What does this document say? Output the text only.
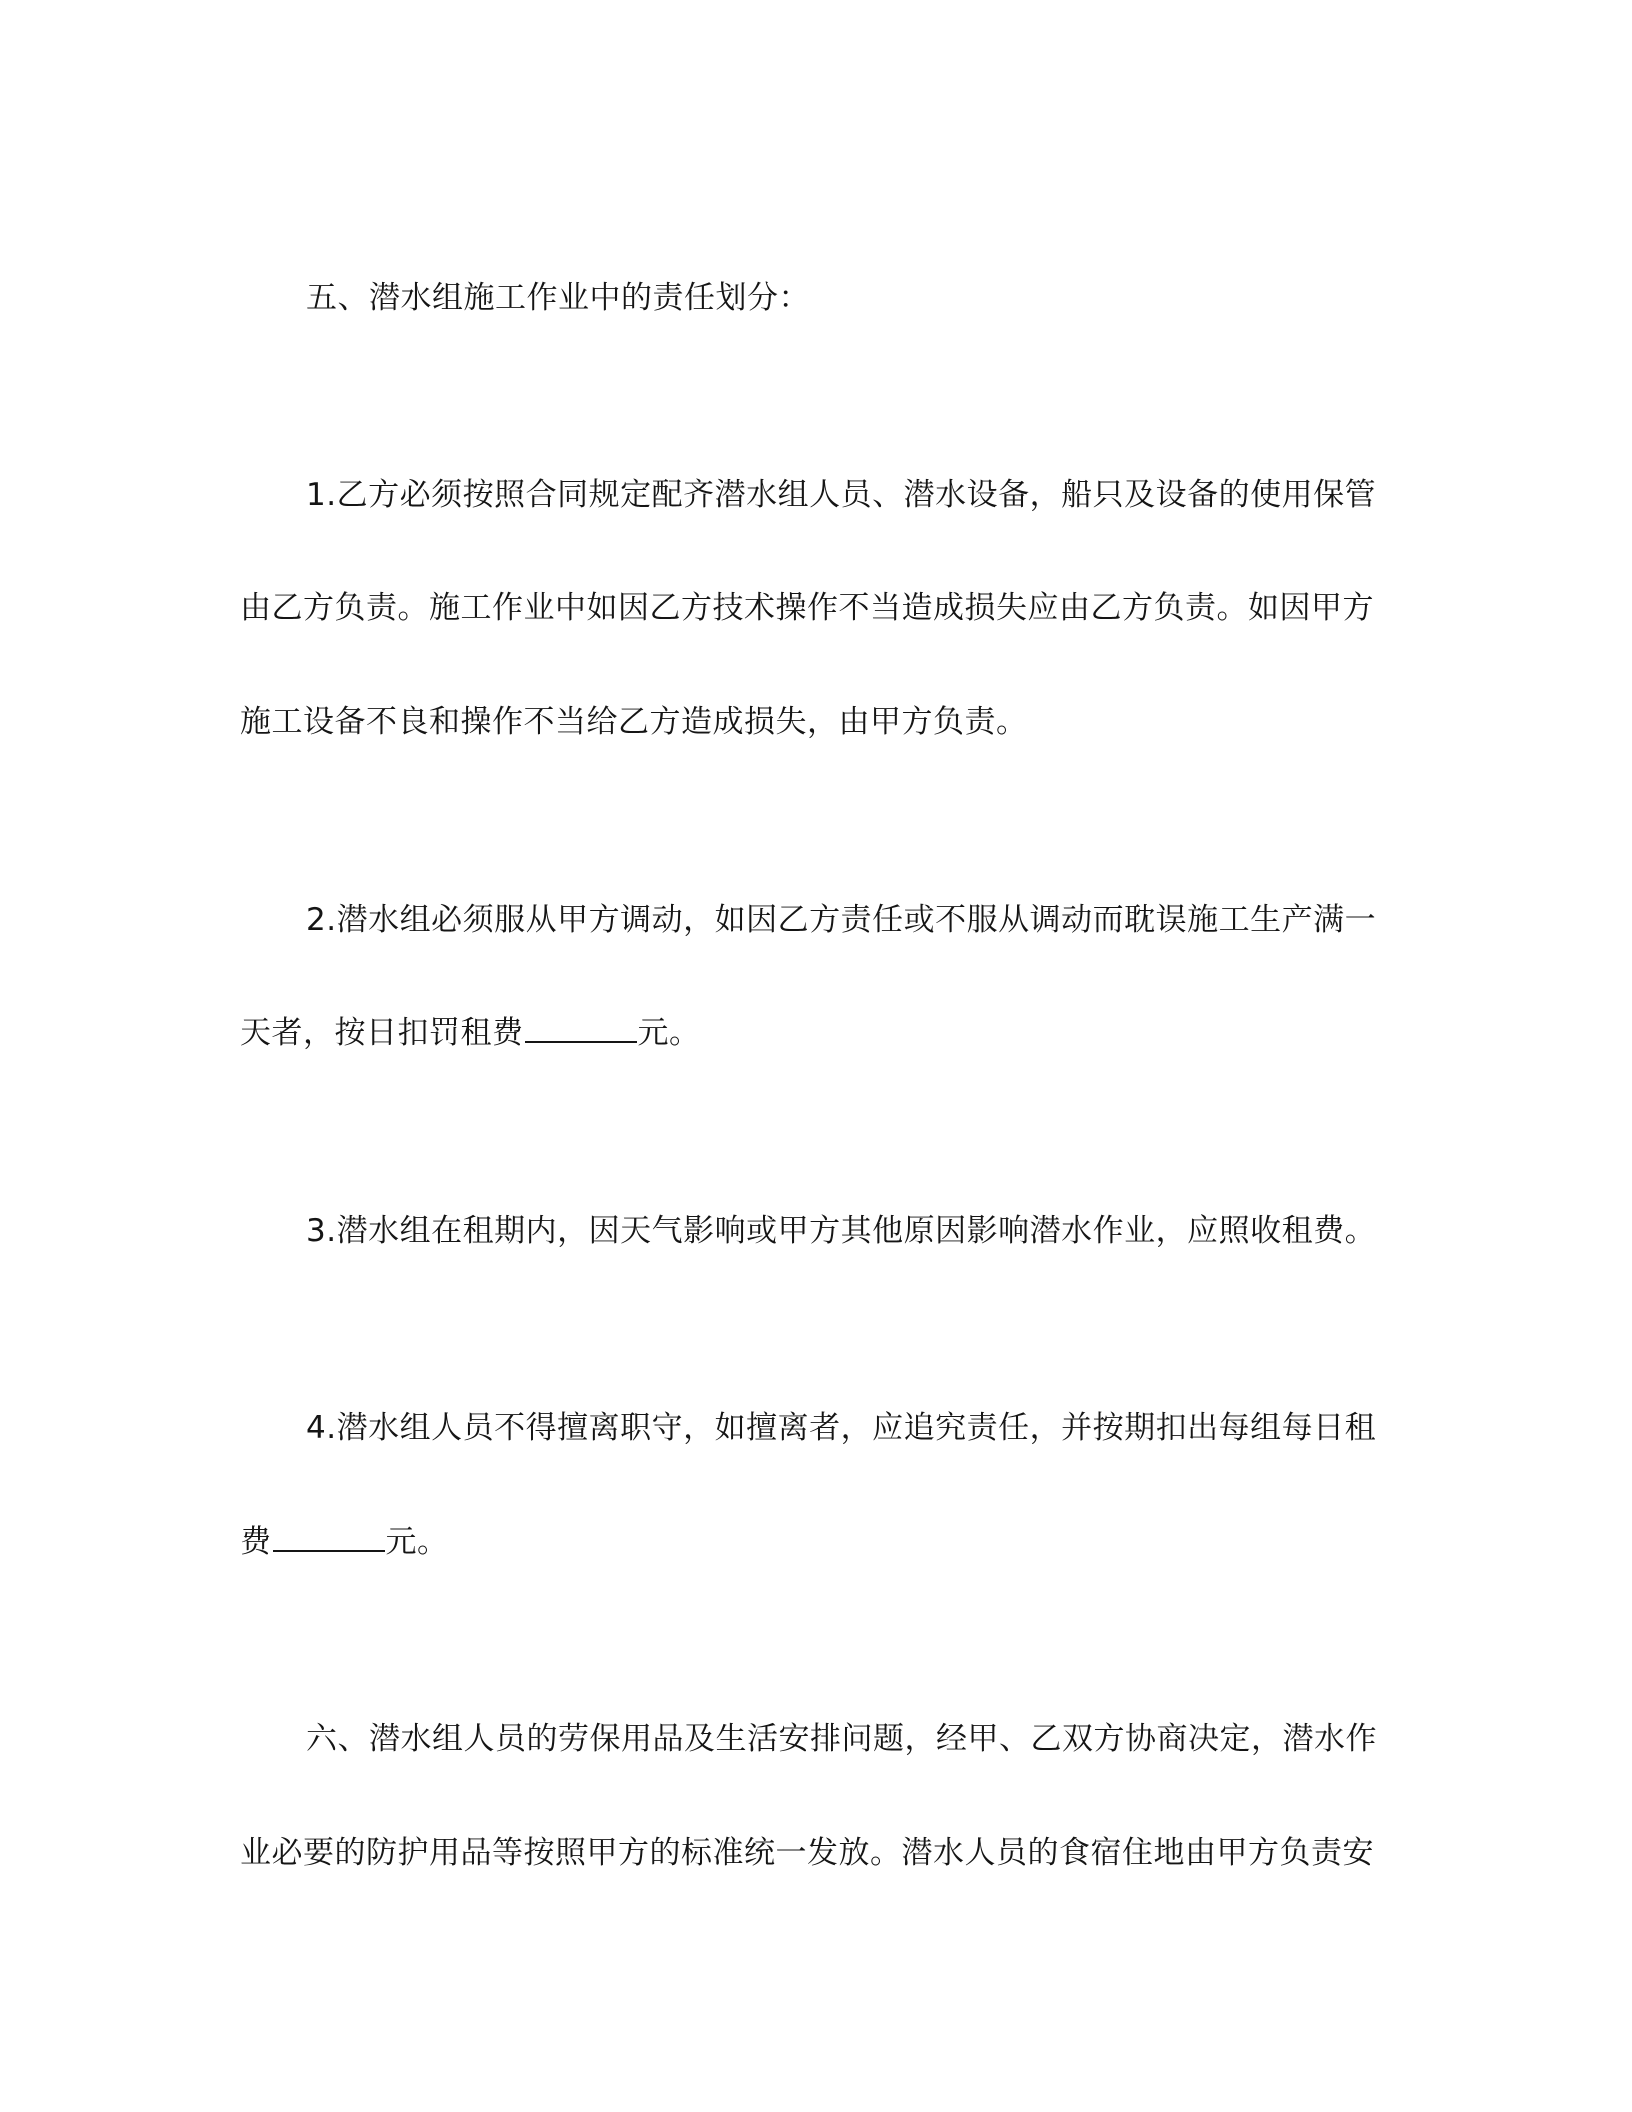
五、潜水组施工作业中的责任划分：
1.乙方必须按照合同规定配齐潜水组人员、潜水设备，船只及设备的使用保管
由乙方负责。施工作业中如因乙方技术操作不当造成损失应由乙方负责。如因甲方
施工设备不良和操作不当给乙方造成损失，由甲方负责。
2.潜水组必须服从甲方调动，如因乙方责任或不服从调动而耽误施工生产满一
天者，按日扣罚租费	元。
3.潜水组在租期内，因天气影响或甲方其他原因影响潜水作业，应照收租费。
4.潜水组人员不得擅离职守，如擅离者，应追究责任，并按期扣出每组每日租
费	元。
六、潜水组人员的劳保用品及生活安排问题，经甲、乙双方协商决定，潜水作
业必要的防护用品等按照甲方的标准统一发放。潜水人员的食宿住地由甲方负责安
